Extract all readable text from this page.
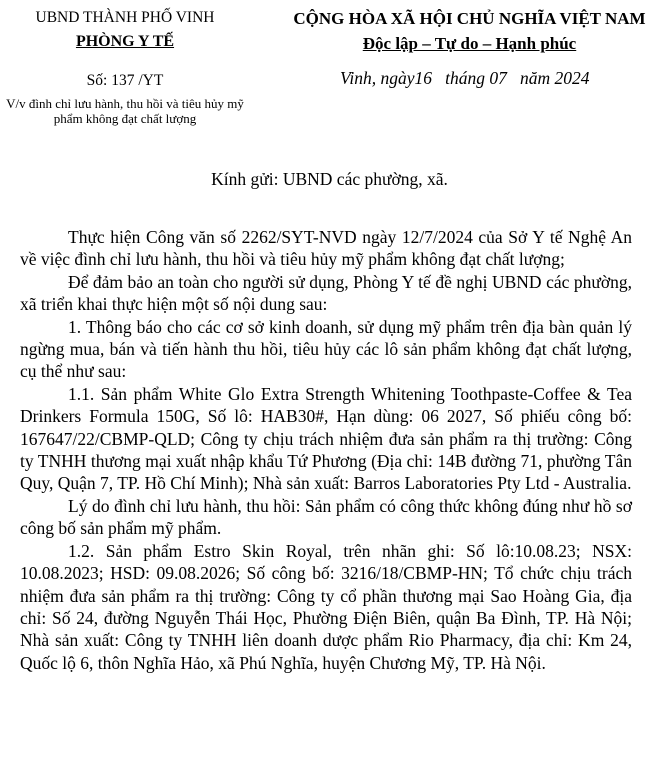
UBND THÀNH PHỐ VINH
PHÒNG Y TẾ
Số: 137 /YT
V/v đình chỉ lưu hành, thu hồi và tiêu hủy mỹ phẩm không đạt chất lượng
CỘNG HÒA XÃ HỘI CHỦ NGHĨA VIỆT NAM
Độc lập – Tự do – Hạnh phúc
Vinh, ngày16   tháng 07   năm 2024
Kính gửi: UBND các phường, xã.

Thực hiện Công văn số 2262/SYT-NVD ngày 12/7/2024 của Sở Y tế Nghệ An về việc đình chỉ lưu hành, thu hồi và tiêu hủy mỹ phẩm không đạt chất lượng;

Để đảm bảo an toàn cho người sử dụng, Phòng Y tế đề nghị UBND các phường, xã triển khai thực hiện một số nội dung sau:

1. Thông báo cho các cơ sở kinh doanh, sử dụng mỹ phẩm trên địa bàn quản lý ngừng mua, bán và tiến hành thu hồi, tiêu hủy các lô sản phẩm không đạt chất lượng, cụ thể như sau:

1.1. Sản phẩm White Glo Extra Strength Whitening Toothpaste-Coffee & Tea Drinkers Formula 150G, Số lô: HAB30#, Hạn dùng: 06 2027, Số phiếu công bố: 167647/22/CBMP-QLD; Công ty chịu trách nhiệm đưa sản phẩm ra thị trường: Công ty TNHH thương mại xuất nhập khẩu Tứ Phương (Địa chỉ: 14B đường 71, phường Tân Quy, Quận 7, TP. Hồ Chí Minh); Nhà sản xuất: Barros Laboratories Pty Ltd - Australia.

Lý do đình chỉ lưu hành, thu hồi: Sản phẩm có công thức không đúng như hồ sơ công bố sản phẩm mỹ phẩm.

1.2. Sản phẩm Estro Skin Royal, trên nhãn ghi: Số lô:10.08.23; NSX: 10.08.2023; HSD: 09.08.2026; Số công bố: 3216/18/CBMP-HN; Tổ chức chịu trách nhiệm đưa sản phẩm ra thị trường: Công ty cổ phần thương mại Sao Hoàng Gia, địa chỉ: Số 24, đường Nguyễn Thái Học, Phường Điện Biên, quận Ba Đình, TP. Hà Nội; Nhà sản xuất: Công ty TNHH liên doanh dược phẩm Rio Pharmacy, địa chỉ: Km 24, Quốc lộ 6, thôn Nghĩa Hảo, xã Phú Nghĩa, huyện Chương Mỹ, TP. Hà Nội.
